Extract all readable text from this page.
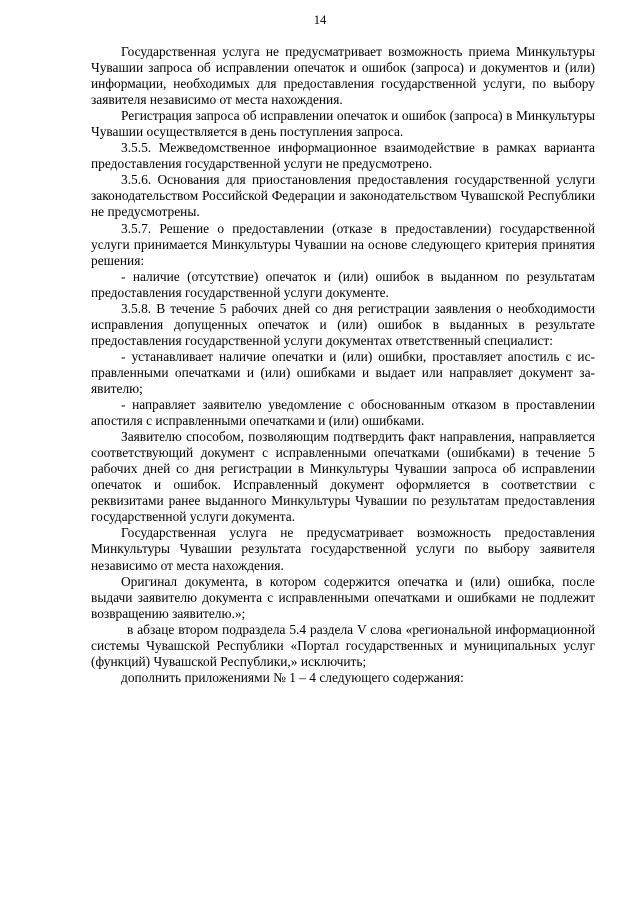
14

Государственная услуга не предусматривает возможность приема Минкультуры Чувашии запроса об исправлении опечаток и ошибок (запроса) и документов и (или) информации, необходимых для предоставления государственной услуги, по выбору заявителя независимо от места нахождения.

Регистрация запроса об исправлении опечаток и ошибок (запроса) в Минкультуры Чувашии осуществляется в день поступления запроса.

3.5.5. Межведомственное информационное взаимодействие в рамках варианта предоставления государственной услуги не предусмотрено.

3.5.6. Основания для приостановления предоставления государственной услуги законодательством Российской Федерации и законодательством Чувашской Республики не предусмотрены.

3.5.7. Решение о предоставлении (отказе в предоставлении) государственной услуги принимается Минкультуры Чувашии на основе следующего критерия принятия решения:

- наличие (отсутствие) опечаток и (или) ошибок в выданном по результатам предоставления государственной услуги документе.

3.5.8. В течение 5 рабочих дней со дня регистрации заявления о необходимости исправления допущенных опечаток и (или) ошибок в выданных в результате предоставления государственной услуги документах ответственный специалист:

- устанавливает наличие опечатки и (или) ошибки, проставляет апостиль с исправленными опечатками и (или) ошибками и выдает или направляет документ заявителю;

- направляет заявителю уведомление с обоснованным отказом в проставлении апостиля с исправленными опечатками и (или) ошибками.

Заявителю способом, позволяющим подтвердить факт направления, направляется соответствующий документ с исправленными опечатками (ошибками) в течение 5 рабочих дней со дня регистрации в Минкультуры Чувашии запроса об исправлении опечаток и ошибок. Исправленный документ оформляется в соответствии с реквизитами ранее выданного Минкультуры Чувашии по результатам предоставления государственной услуги документа.

Государственная услуга не предусматривает возможность предоставления Минкультуры Чувашии результата государственной услуги по выбору заявителя независимо от места нахождения.

Оригинал документа, в котором содержится опечатка и (или) ошибка, после выдачи заявителю документа с исправленными опечатками и ошибками не подлежит возвращению заявителю.»;

в абзаце втором подраздела 5.4 раздела V слова «региональной информационной системы Чувашской Республики «Портал государственных и муниципальных услуг (функций) Чувашской Республики,» исключить;

дополнить приложениями № 1 – 4 следующего содержания:
